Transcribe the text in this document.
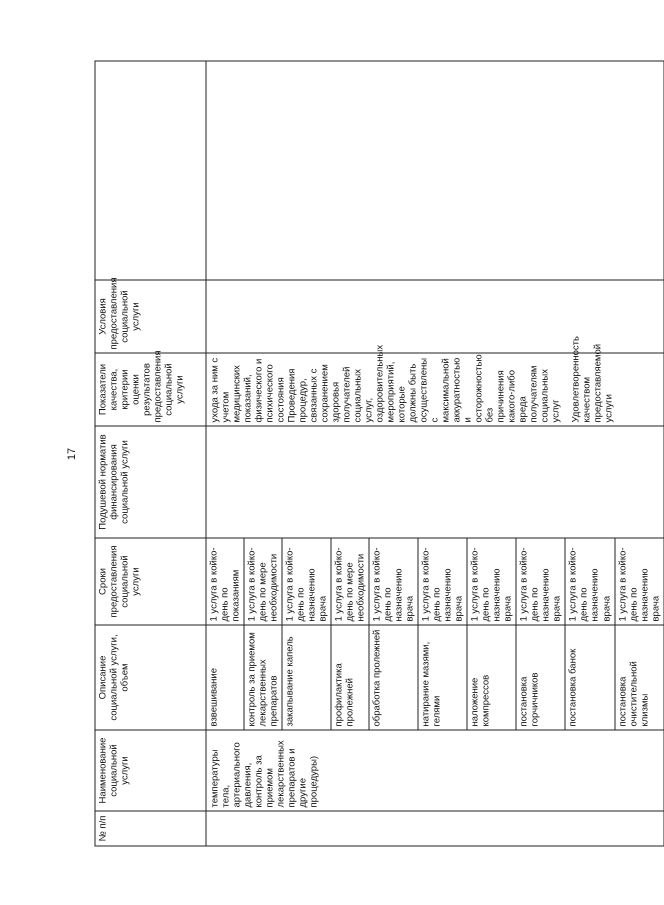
17
№ п/п	Наименование социальной услуги	Описание социальной услуги, объем	Сроки предоставления социальной услуги	Подушевой норматив финансирования социальной услуги	Показатели качества, критерии оценки результатов предоставления социальной услуги	Условия предоставления социальной услуги	
	температуры тела, артериального давления, контроль за приемом лекарственных препаратов и другие процедуры)	взвешивание	1 услуга в койко-день по показаниям		ухода за ним с учетом медицинских показаний, физического и психического состояния Проведения процедур, связанных с сохранением здоровья получателей социальных услуг, оздоровительных мероприятий, которые должны быть осуществлены с максимальной аккуратностью и осторожностью без причинения какого-либо вреда получателям социальных услуг Удовлетворенность качеством предоставляемой услуги		

		контроль за приемом лекарственных препаратов	1 услуга в койко-день по мере необходимости				
		закапывание капель	1 услуга в койко-день по назначению врача				
		профилактика пролежней	1 услуга в койко-день по мере необходимости				
		обработка пролежней	1 услуга в койко-день по назначению врача				
		натирание мазями, гелями	1 услуга в койко-день по назначению врача				
		наложение компрессов	1 услуга в койко-день по назначению врача				
		постановка горчичников	1 услуга в койко-день по назначению врача				
		постановка банок	1 услуга в койко-день по назначению врача				
		постановка очистительной клизмы	1 услуга в койко-день по назначению врача				
